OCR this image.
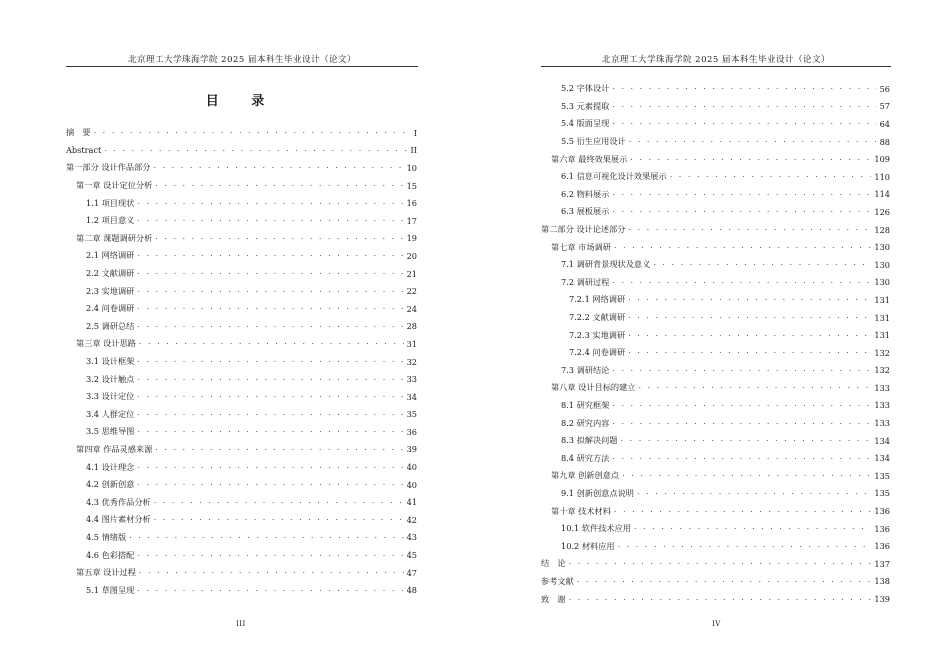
北京理工大学珠海学院 2025 届本科生毕业设计（论文）
目 录
摘　要 . . .	I
Abstract . . .	II
第一部分 设计作品部分 . . .	10
第一章 设计定位分析 . . .	15
1.1 项目现状 . . .	16
1.2 项目意义 . . .	17
第二章 课题调研分析 . . .	19
2.1 网络调研 . . .	20
2.2 文献调研 . . .	21
2.3 实地调研 . . .	22
2.4 问卷调研 . . .	24
2.5 调研总结 . . .	28
第三章 设计思路 . . .	31
3.1 设计框架 . . .	32
3.2 设计触点 . . .	33
3.3 设计定位 . . .	34
3.4 人群定位 . . .	35
3.5 思维导图 . . .	36
第四章 作品灵感来源 . . .	39
4.1 设计理念 . . .	40
4.2 创新创意 . . .	40
4.3 优秀作品分析 . . .	41
4.4 图片素材分析 . . .	42
4.5 情绪版 . . .	43
4.6 色彩搭配 . . .	45
第五章 设计过程 . . .	47
5.1 草图呈现 . . .	48
III
北京理工大学珠海学院 2025 届本科生毕业设计（论文）
5.2 字体设计 . . .	56
5.3 元素提取 . . .	57
5.4 版面呈现 . . .	64
5.5 衍生应用设计 . . .	88
第六章 最终效果展示 . . .	109
6.1 信息可视化设计效果展示 . . .	110
6.2 物料展示 . . .	114
6.3 展板展示 . . .	126
第二部分 设计论述部分 . . .	128
第七章 市场调研 . . .	130
7.1 调研背景现状及意义 . . .	130
7.2 调研过程 . . .	130
7.2.1 网络调研 . . .	131
7.2.2 文献调研 . . .	131
7.2.3 实地调研 . . .	131
7.2.4 问卷调研 . . .	132
7.3 调研结论 . . .	132
第八章 设计目标的建立 . . .	133
8.1 研究框架 . . .	133
8.2 研究内容 . . .	133
8.3 拟解决问题 . . .	134
8.4 研究方法 . . .	134
第九章 创新创意点 . . .	135
9.1 创新创意点说明 . . .	135
第十章 技术材料 . . .	136
10.1 软件技术应用 . . .	136
10.2 材料应用 . . .	136
结　论 . . .	137
参考文献 . . .	138
致　谢 . . .	139
IV
